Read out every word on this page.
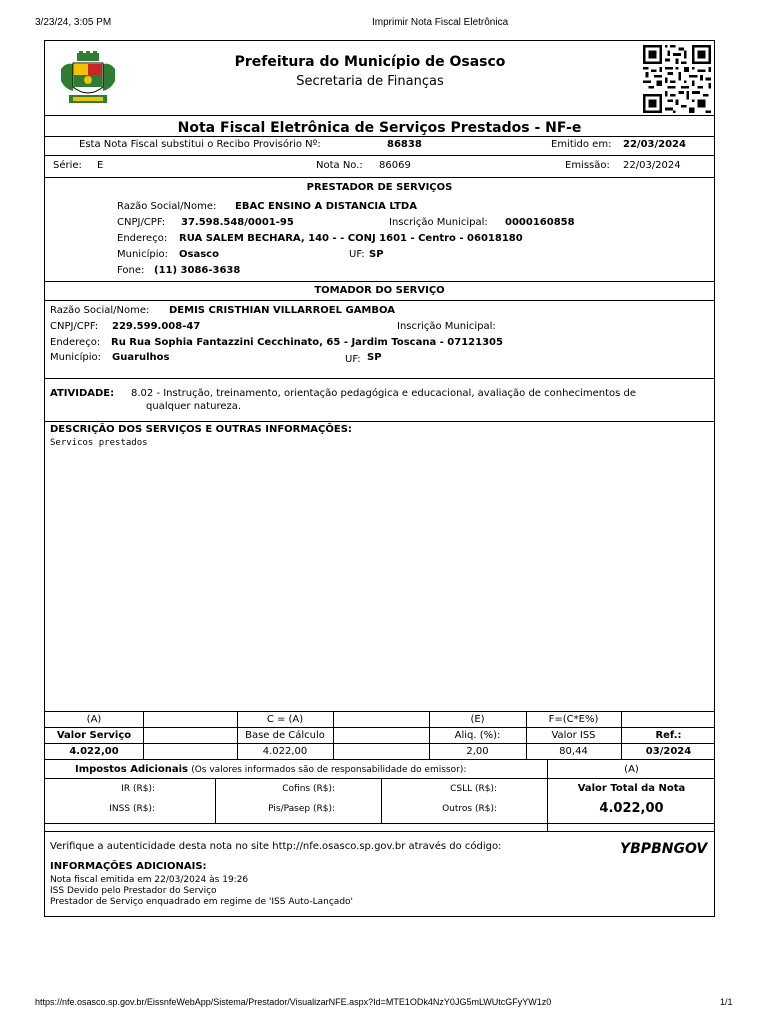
3/23/24, 3:05 PM	Imprimir Nota Fiscal Eletrônica
Prefeitura do Município de Osasco
Secretaria de Finanças
Nota Fiscal Eletrônica de Serviços Prestados - NF-e
Esta Nota Fiscal substitui o Recibo Provisório Nº:	86838	Emitido em: 22/03/2024
Série: E	Nota No.: 86069	Emissão: 22/03/2024
PRESTADOR DE SERVIÇOS
Razão Social/Nome: EBAC ENSINO A DISTANCIA LTDA
CNPJ/CPF: 37.598.548/0001-95	Inscrição Municipal: 0000160858
Endereço: RUA SALEM BECHARA, 140 - - CONJ 1601 - Centro - 06018180
Município: Osasco	UF: SP
Fone: (11) 3086-3638
TOMADOR DO SERVIÇO
Razão Social/Nome: DEMIS CRISTHIAN VILLARROEL GAMBOA
CNPJ/CPF: 229.599.008-47	Inscrição Municipal:
Endereço: Ru Rua Sophia Fantazzini Cecchinato, 65 - Jardim Toscana - 07121305
Município: Guarulhos	UF: SP
ATIVIDADE: 8.02 - Instrução, treinamento, orientação pedagógica e educacional, avaliação de conhecimentos de
qualquer natureza.
DESCRIÇÃO DOS SERVIÇOS E OUTRAS INFORMAÇÕES:
Servicos prestados
(A)	C = (A)	(E)	F=(C*E%)
Valor Serviço	Base de Cálculo	Aliq. (%):	Valor ISS	Ref.:
4.022,00	4.022,00	2,00	80,44	03/2024
Impostos Adicionais (Os valores informados são de responsabilidade do emissor):	(A)
IR (R$):	Cofins (R$):	CSLL (R$):
INSS (R$):	Pis/Pasep (R$):	Outros (R$):
Valor Total da Nota
4.022,00
Verifique a autenticidade desta nota no site http://nfe.osasco.sp.gov.br através do código:	YBPBNGOV
INFORMAÇÕES ADICIONAIS:
Nota fiscal emitida em 22/03/2024 às 19:26
ISS Devido pelo Prestador do Serviço
Prestador de Serviço enquadrado em regime de 'ISS Auto-Lançado'
https://nfe.osasco.sp.gov.br/EissnfeWebApp/Sistema/Prestador/VisualizarNFE.aspx?Id=MTE1ODk4NzY0JG5mLWUtcGFyYW1z0	1/1
